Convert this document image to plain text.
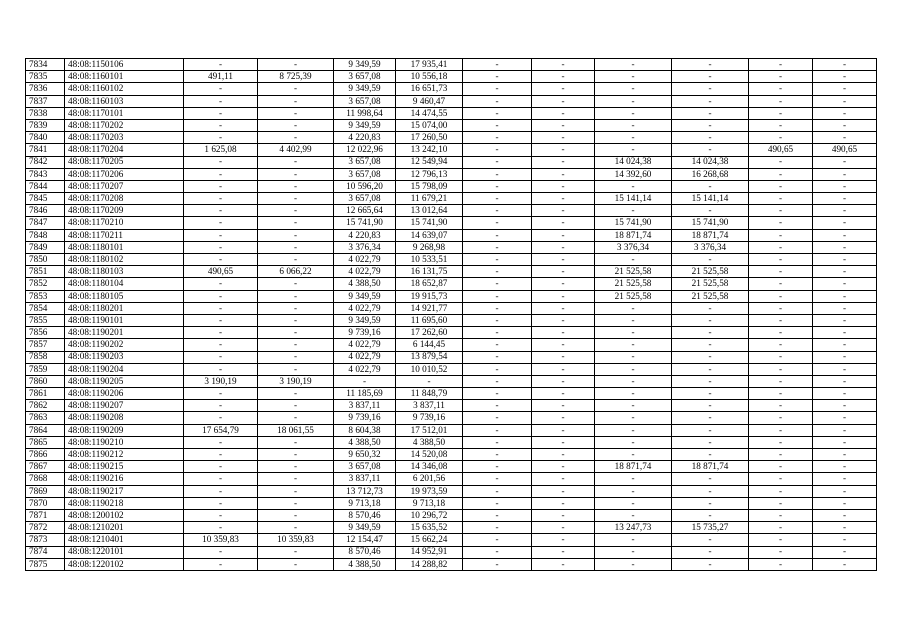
7834	48:08:1150106	-	-	9 349,59	17 935,41	-	-	-	-	-	-
7835	48:08:1160101	491,11	8 725,39	3 657,08	10 556,18	-	-	-	-	-	-
7836	48:08:1160102	-	-	9 349,59	16 651,73	-	-	-	-	-	-
7837	48:08:1160103	-	-	3 657,08	9 460,47	-	-	-	-	-	-
7838	48:08:1170101	-	-	11 998,64	14 474,55	-	-	-	-	-	-
7839	48:08:1170202	-	-	9 349,59	15 074,00	-	-	-	-	-	-
7840	48:08:1170203	-	-	4 220,83	17 260,50	-	-	-	-	-	-
7841	48:08:1170204	1 625,08	4 402,99	12 022,96	13 242,10	-	-	-	-	490,65	490,65
7842	48:08:1170205	-	-	3 657,08	12 549,94	-	-	14 024,38	14 024,38	-	-
7843	48:08:1170206	-	-	3 657,08	12 796,13	-	-	14 392,60	16 268,68	-	-
7844	48:08:1170207	-	-	10 596,20	15 798,09	-	-	-	-	-	-
7845	48:08:1170208	-	-	3 657,08	11 679,21	-	-	15 141,14	15 141,14	-	-
7846	48:08:1170209	-	-	12 665,64	13 012,64	-	-	-	-	-	-
7847	48:08:1170210	-	-	15 741,90	15 741,90	-	-	15 741,90	15 741,90	-	-
7848	48:08:1170211	-	-	4 220,83	14 639,07	-	-	18 871,74	18 871,74	-	-
7849	48:08:1180101	-	-	3 376,34	9 268,98	-	-	3 376,34	3 376,34	-	-
7850	48:08:1180102	-	-	4 022,79	10 533,51	-	-	-	-	-	-
7851	48:08:1180103	490,65	6 066,22	4 022,79	16 131,75	-	-	21 525,58	21 525,58	-	-
7852	48:08:1180104	-	-	4 388,50	18 652,87	-	-	21 525,58	21 525,58	-	-
7853	48:08:1180105	-	-	9 349,59	19 915,73	-	-	21 525,58	21 525,58	-	-
7854	48:08:1180201	-	-	4 022,79	14 921,77	-	-	-	-	-	-
7855	48:08:1190101	-	-	9 349,59	11 695,60	-	-	-	-	-	-
7856	48:08:1190201	-	-	9 739,16	17 262,60	-	-	-	-	-	-
7857	48:08:1190202	-	-	4 022,79	6 144,45	-	-	-	-	-	-
7858	48:08:1190203	-	-	4 022,79	13 879,54	-	-	-	-	-	-
7859	48:08:1190204	-	-	4 022,79	10 010,52	-	-	-	-	-	-
7860	48:08:1190205	3 190,19	3 190,19	-	-	-	-	-	-	-	-
7861	48:08:1190206	-	-	11 185,69	11 848,79	-	-	-	-	-	-
7862	48:08:1190207	-	-	3 837,11	3 837,11	-	-	-	-	-	-
7863	48:08:1190208	-	-	9 739,16	9 739,16	-	-	-	-	-	-
7864	48:08:1190209	17 654,79	18 061,55	8 604,38	17 512,01	-	-	-	-	-	-
7865	48:08:1190210	-	-	4 388,50	4 388,50	-	-	-	-	-	-
7866	48:08:1190212	-	-	9 650,32	14 520,08	-	-	-	-	-	-
7867	48:08:1190215	-	-	3 657,08	14 346,08	-	-	18 871,74	18 871,74	-	-
7868	48:08:1190216	-	-	3 837,11	6 201,56	-	-	-	-	-	-
7869	48:08:1190217	-	-	13 712,73	19 973,59	-	-	-	-	-	-
7870	48:08:1190218	-	-	9 713,18	9 713,18	-	-	-	-	-	-
7871	48:08:1200102	-	-	8 570,46	10 296,72	-	-	-	-	-	-
7872	48:08:1210201	-	-	9 349,59	15 635,52	-	-	13 247,73	15 735,27	-	-
7873	48:08:1210401	10 359,83	10 359,83	12 154,47	15 662,24	-	-	-	-	-	-
7874	48:08:1220101	-	-	8 570,46	14 952,91	-	-	-	-	-	-
7875	48:08:1220102	-	-	4 388,50	14 288,82	-	-	-	-	-	-
